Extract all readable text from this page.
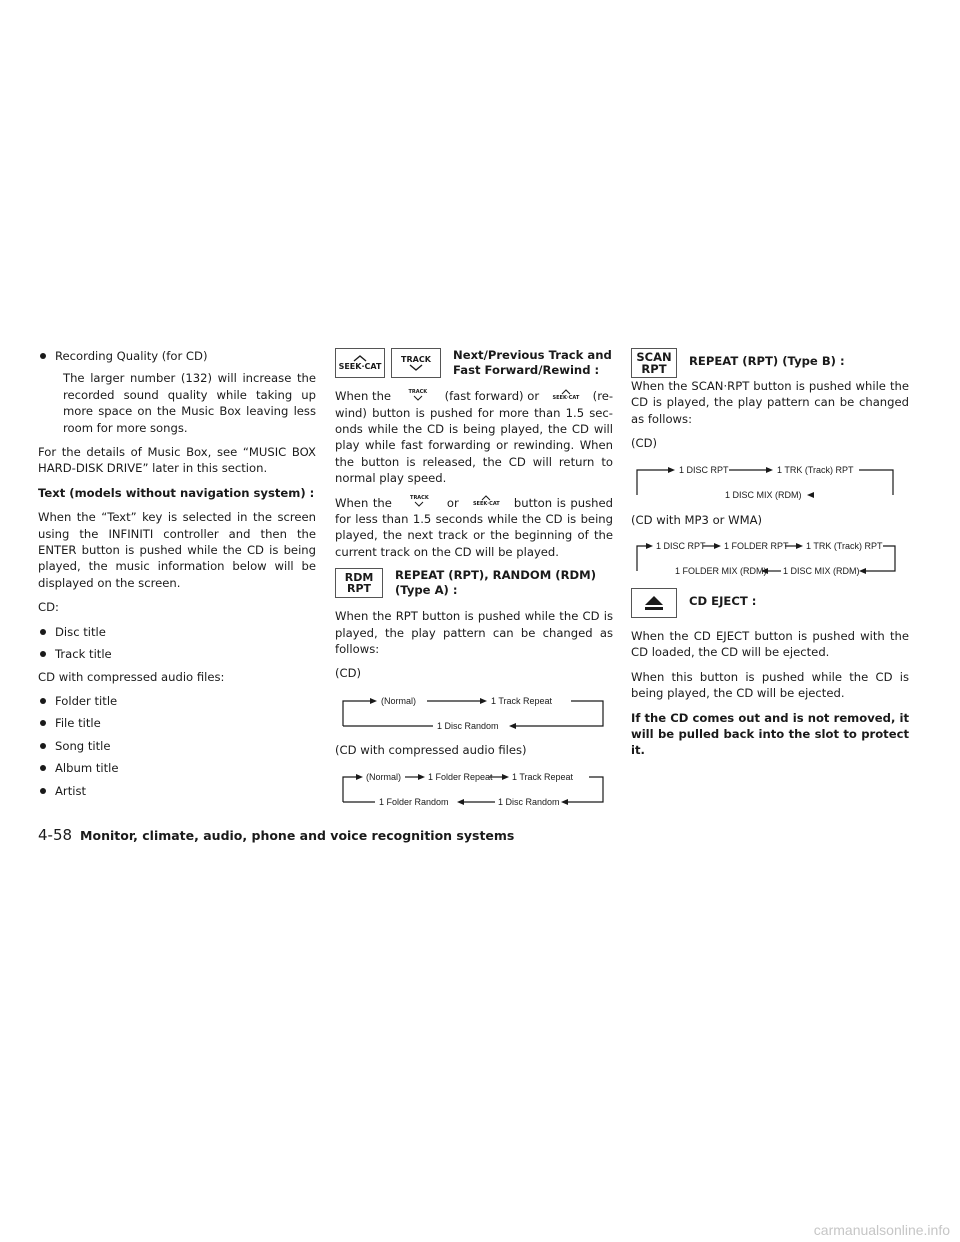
Recording Quality (for CD)

The larger number (132) will increase the recorded sound quality while taking up more space on the Music Box leaving less room for more songs.

For the details of Music Box, see “MUSIC BOX HARD-DISK DRIVE” later in this section.

Text (models without navigation system) :

When the “Text” key is selected in the screen using the INFINITI controller and then the ENTER button is pushed while the CD is being played, the music information below will be displayed on the screen.

CD:

Disc title
Track title

CD with compressed audio files:

Folder title
File title
Song title
Album title
Artist
SEEK·CAT
TRACK Next/Previous Track and
Fast Forward/Rewind :

When the	TRACK (fast forward) or	SEEK·CAT (re-wind) button is pushed for more than 1.5 sec-onds while the CD is being played, the CD will play while fast forwarding or rewinding. When the button is released, the CD will return to normal play speed.

When the	TRACK or	SEEK·CAT button is pushed for less than 1.5 seconds while the CD is being played, the next track or the beginning of the current track on the CD will be played.

RDM
RPT
REPEAT (RPT), RANDOM (RDM)
(Type A) :

When the RPT button is pushed while the CD is played, the play pattern can be changed as follows:

(CD)

(Normal)	1 Track Repeat
1 Disc Random

(CD with compressed audio files)

(Normal)	1 Folder Repeat 1 Track Repeat
1 Disc Random
1 Folder Random
SCAN
RPT
REPEAT (RPT) (Type B) :

When the SCAN·RPT button is pushed while the CD is played, the play pattern can be changed as follows:

(CD)

1 DISC RPT	1 TRK (Track) RPT
1 DISC MIX (RDM)

(CD with MP3 or WMA)

1 DISC RPT 1 FOLDER RPT 1 TRK (Track) RPT
1 DISC MIX (RDM)
1 FOLDER MIX (RDM)
CD EJECT :

When the CD EJECT button is pushed with the CD loaded, the CD will be ejected.

When this button is pushed while the CD is being played, the CD will be ejected.

If the CD comes out and is not removed, it will be pulled back into the slot to protect it.

4-58 Monitor, climate, audio, phone and voice recognition systems
carmanualsonline.info
